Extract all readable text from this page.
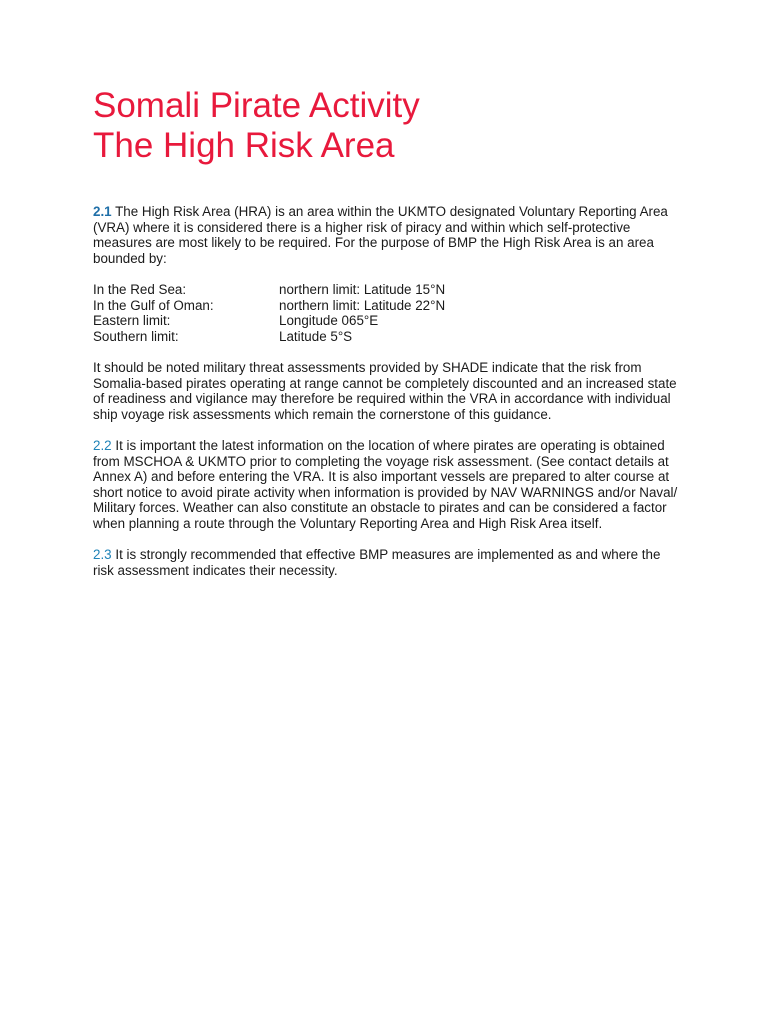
Somali Pirate Activity
The High Risk Area

2.1 The High Risk Area (HRA) is an area within the UKMTO designated Voluntary Reporting Area (VRA) where it is considered there is a higher risk of piracy and within which self-protective measures are most likely to be required. For the purpose of BMP the High Risk Area is an area bounded by:

In the Red Sea:	northern limit: Latitude 15°N
In the Gulf of Oman:	northern limit: Latitude 22°N
Eastern limit:	Longitude 065°E
Southern limit:	Latitude 5°S

It should be noted military threat assessments provided by SHADE indicate that the risk from Somalia-based pirates operating at range cannot be completely discounted and an increased state of readiness and vigilance may therefore be required within the VRA in accordance with individual ship voyage risk assessments which remain the cornerstone of this guidance.

2.2 It is important the latest information on the location of where pirates are operating is obtained from MSCHOA & UKMTO prior to completing the voyage risk assessment. (See contact details at Annex A) and before entering the VRA. It is also important vessels are prepared to alter course at short notice to avoid pirate activity when information is provided by NAV WARNINGS and/or Naval/ Military forces. Weather can also constitute an obstacle to pirates and can be considered a factor when planning a route through the Voluntary Reporting Area and High Risk Area itself.

2.3 It is strongly recommended that effective BMP measures are implemented as and where the risk assessment indicates their necessity.
